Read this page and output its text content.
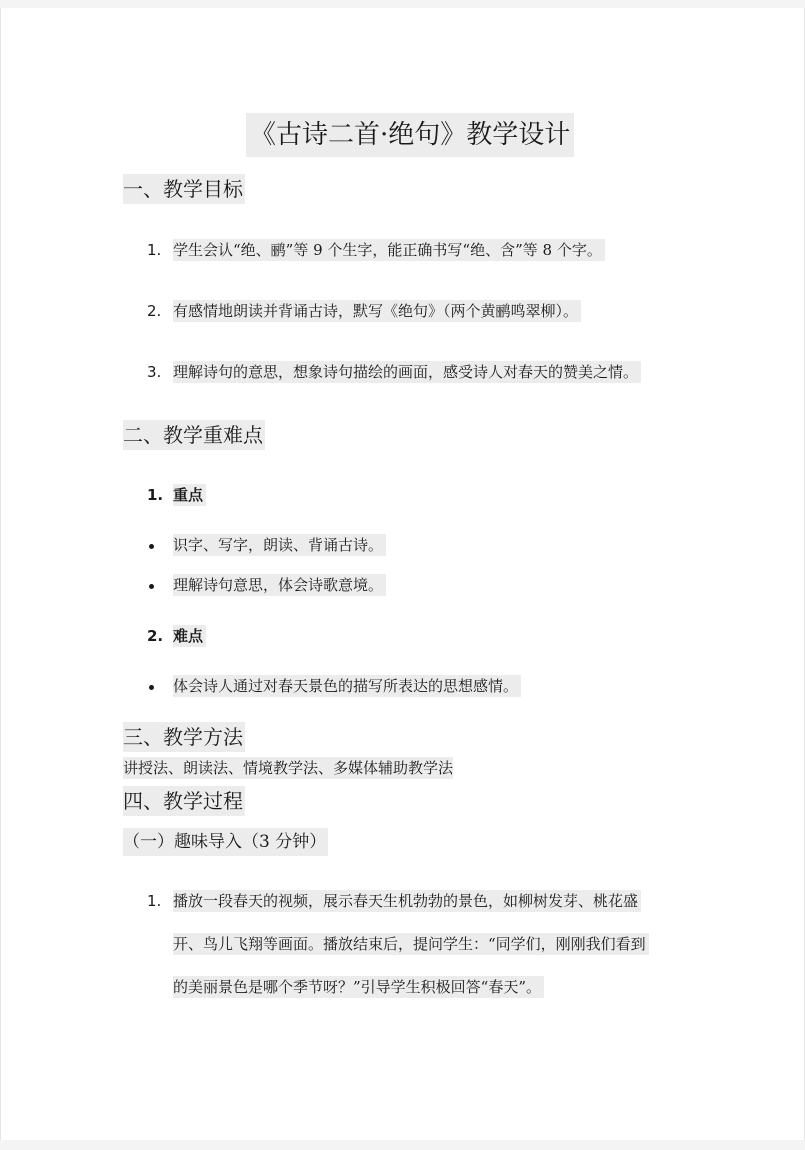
《古诗二首·绝句》教学设计
一、教学目标
1. 学生会认“绝、鹂”等 9 个生字，能正确书写“绝、含”等 8 个字。
2. 有感情地朗读并背诵古诗，默写《绝句》（两个黄鹂鸣翠柳）。
3. 理解诗句的意思，想象诗句描绘的画面，感受诗人对春天的赞美之情。
二、教学重难点
1. 重点
识字、写字，朗读、背诵古诗。
理解诗句意思，体会诗歌意境。
2. 难点
体会诗人通过对春天景色的描写所表达的思想感情。
三、教学方法
讲授法、朗读法、情境教学法、多媒体辅助教学法
四、教学过程
（一）趣味导入（3 分钟）
1. 播放一段春天的视频，展示春天生机勃勃的景色，如柳树发芽、桃花盛
开、鸟儿飞翔等画面。播放结束后，提问学生：“同学们，刚刚我们看到
的美丽景色是哪个季节呀？”引导学生积极回答“春天”。
